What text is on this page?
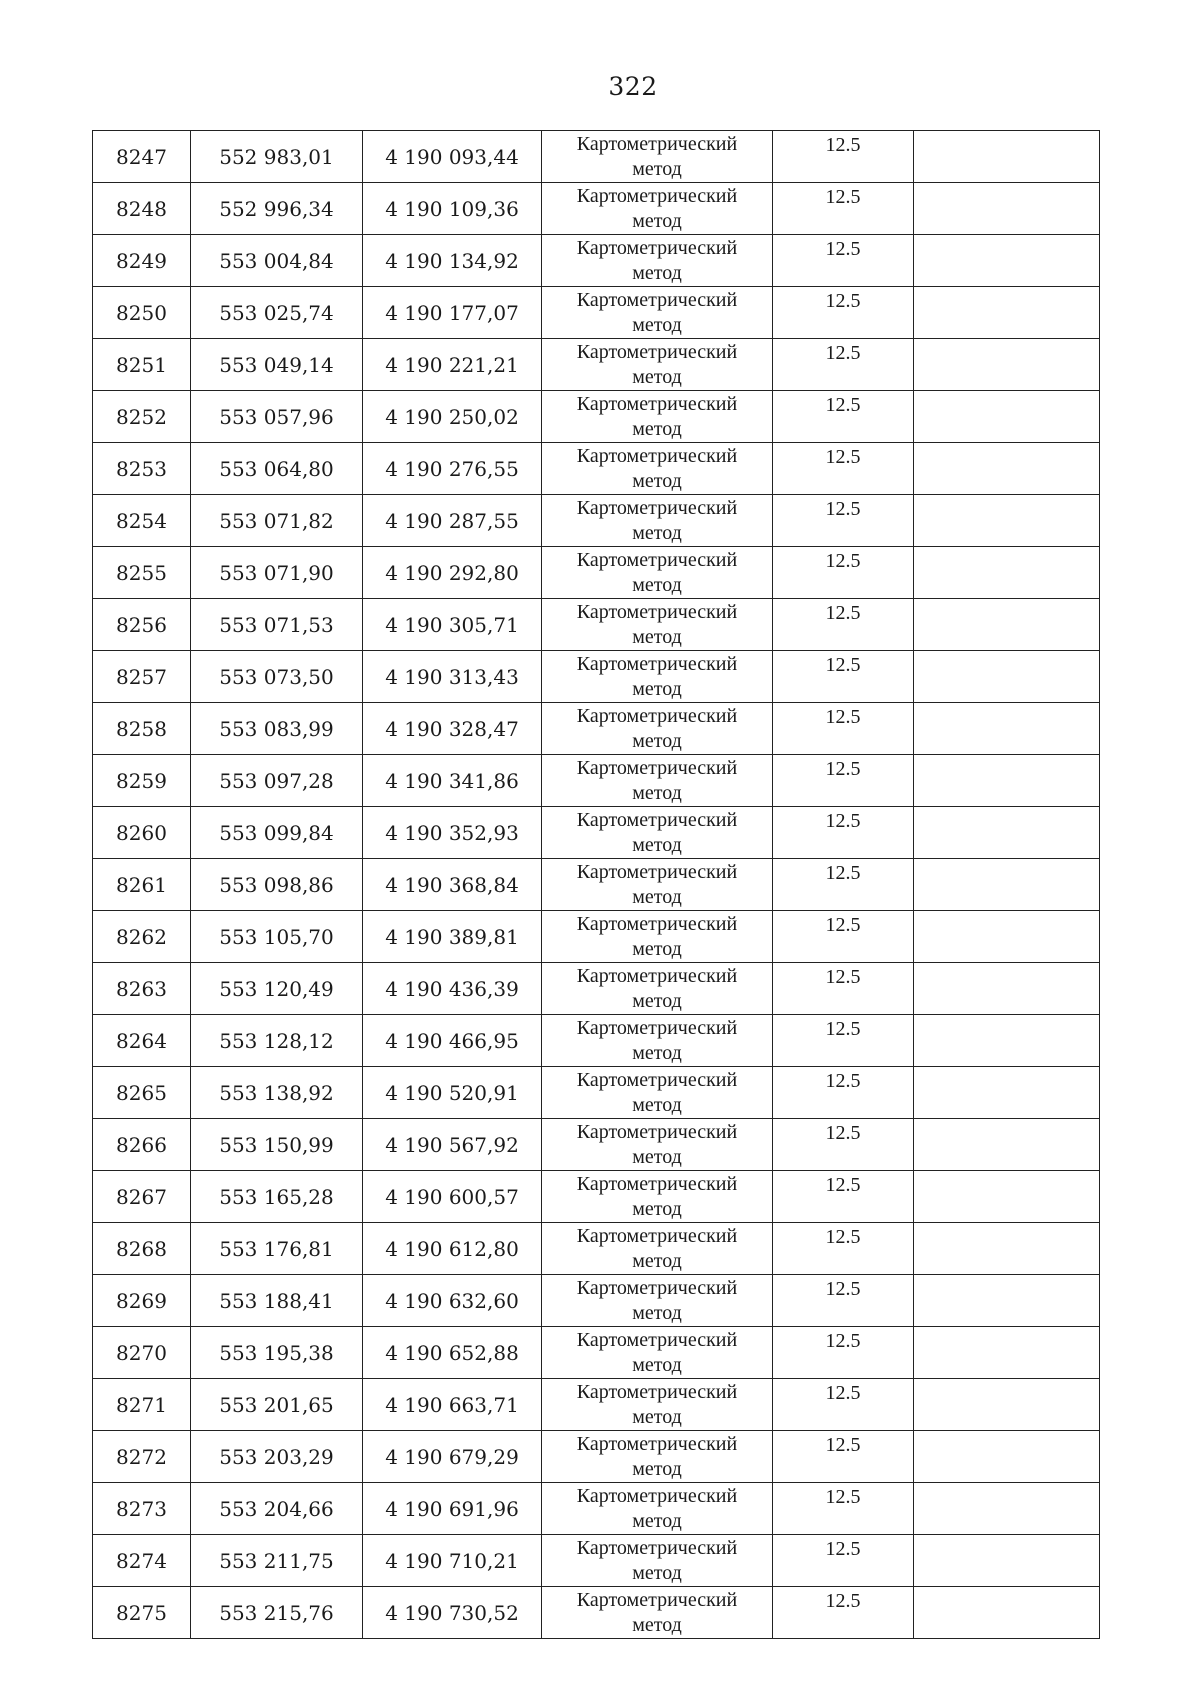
322
8247	552 983,01	4 190 093,44	Картометрический
метод	12.5	
8248	552 996,34	4 190 109,36	Картометрический
метод	12.5	
8249	553 004,84	4 190 134,92	Картометрический
метод	12.5	
8250	553 025,74	4 190 177,07	Картометрический
метод	12.5	
8251	553 049,14	4 190 221,21	Картометрический
метод	12.5	
8252	553 057,96	4 190 250,02	Картометрический
метод	12.5	
8253	553 064,80	4 190 276,55	Картометрический
метод	12.5	
8254	553 071,82	4 190 287,55	Картометрический
метод	12.5	
8255	553 071,90	4 190 292,80	Картометрический
метод	12.5	
8256	553 071,53	4 190 305,71	Картометрический
метод	12.5	
8257	553 073,50	4 190 313,43	Картометрический
метод	12.5	
8258	553 083,99	4 190 328,47	Картометрический
метод	12.5	
8259	553 097,28	4 190 341,86	Картометрический
метод	12.5	
8260	553 099,84	4 190 352,93	Картометрический
метод	12.5	
8261	553 098,86	4 190 368,84	Картометрический
метод	12.5	
8262	553 105,70	4 190 389,81	Картометрический
метод	12.5	
8263	553 120,49	4 190 436,39	Картометрический
метод	12.5	
8264	553 128,12	4 190 466,95	Картометрический
метод	12.5	
8265	553 138,92	4 190 520,91	Картометрический
метод	12.5	
8266	553 150,99	4 190 567,92	Картометрический
метод	12.5	
8267	553 165,28	4 190 600,57	Картометрический
метод	12.5	
8268	553 176,81	4 190 612,80	Картометрический
метод	12.5	
8269	553 188,41	4 190 632,60	Картометрический
метод	12.5	
8270	553 195,38	4 190 652,88	Картометрический
метод	12.5	
8271	553 201,65	4 190 663,71	Картометрический
метод	12.5	
8272	553 203,29	4 190 679,29	Картометрический
метод	12.5	
8273	553 204,66	4 190 691,96	Картометрический
метод	12.5	
8274	553 211,75	4 190 710,21	Картометрический
метод	12.5	
8275	553 215,76	4 190 730,52	Картометрический
метод	12.5	
